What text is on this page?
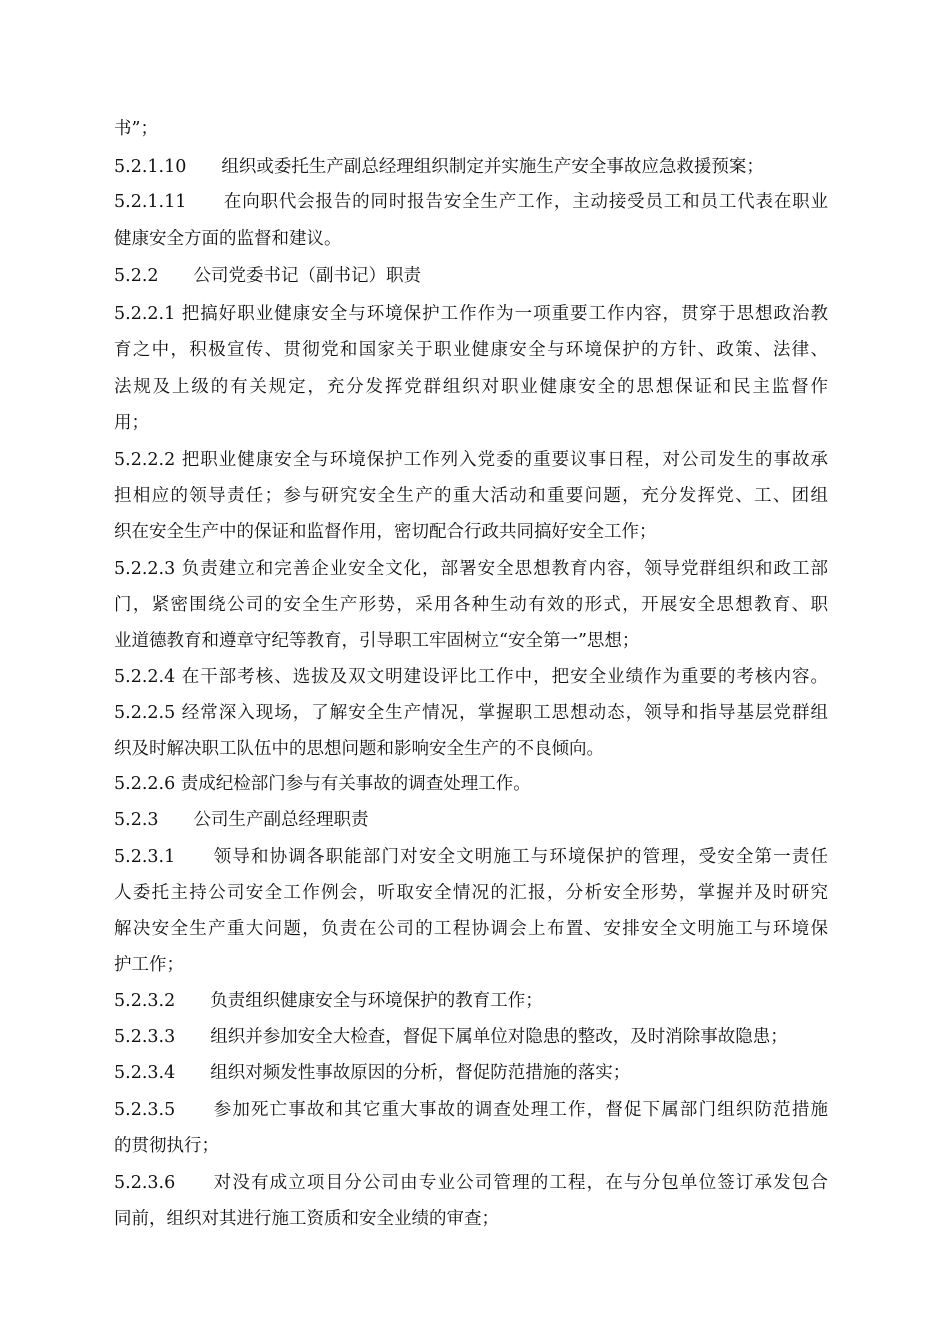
书”；
5.2.1.10　　组织或委托生产副总经理组织制定并实施生产安全事故应急救援预案；
5.2.1.11　　在向职代会报告的同时报告安全生产工作，主动接受员工和员工代表在职业
健康安全方面的监督和建议。
5.2.2　　公司党委书记（副书记）职责
5.2.2.1 把搞好职业健康安全与环境保护工作作为一项重要工作内容，贯穿于思想政治教
育之中，积极宣传、贯彻党和国家关于职业健康安全与环境保护的方针、政策、法律、
法规及上级的有关规定，充分发挥党群组织对职业健康安全的思想保证和民主监督作
用；
5.2.2.2 把职业健康安全与环境保护工作列入党委的重要议事日程，对公司发生的事故承
担相应的领导责任；参与研究安全生产的重大活动和重要问题，充分发挥党、工、团组
织在安全生产中的保证和监督作用，密切配合行政共同搞好安全工作；
5.2.2.3 负责建立和完善企业安全文化，部署安全思想教育内容，领导党群组织和政工部
门，紧密围绕公司的安全生产形势，采用各种生动有效的形式，开展安全思想教育、职
业道德教育和遵章守纪等教育，引导职工牢固树立“安全第一”思想；
5.2.2.4 在干部考核、选拔及双文明建设评比工作中，把安全业绩作为重要的考核内容。
5.2.2.5 经常深入现场，了解安全生产情况，掌握职工思想动态，领导和指导基层党群组
织及时解决职工队伍中的思想问题和影响安全生产的不良倾向。
5.2.2.6 责成纪检部门参与有关事故的调查处理工作。
5.2.3　　公司生产副总经理职责
5.2.3.1　　领导和协调各职能部门对安全文明施工与环境保护的管理，受安全第一责任
人委托主持公司安全工作例会，听取安全情况的汇报，分析安全形势，掌握并及时研究
解决安全生产重大问题，负责在公司的工程协调会上布置、安排安全文明施工与环境保
护工作；
5.2.3.2　　负责组织健康安全与环境保护的教育工作；
5.2.3.3　　组织并参加安全大检查，督促下属单位对隐患的整改，及时消除事故隐患；
5.2.3.4　　组织对频发性事故原因的分析，督促防范措施的落实；
5.2.3.5　　参加死亡事故和其它重大事故的调查处理工作，督促下属部门组织防范措施
的贯彻执行；
5.2.3.6　　对没有成立项目分公司由专业公司管理的工程，在与分包单位签订承发包合
同前，组织对其进行施工资质和安全业绩的审查；
